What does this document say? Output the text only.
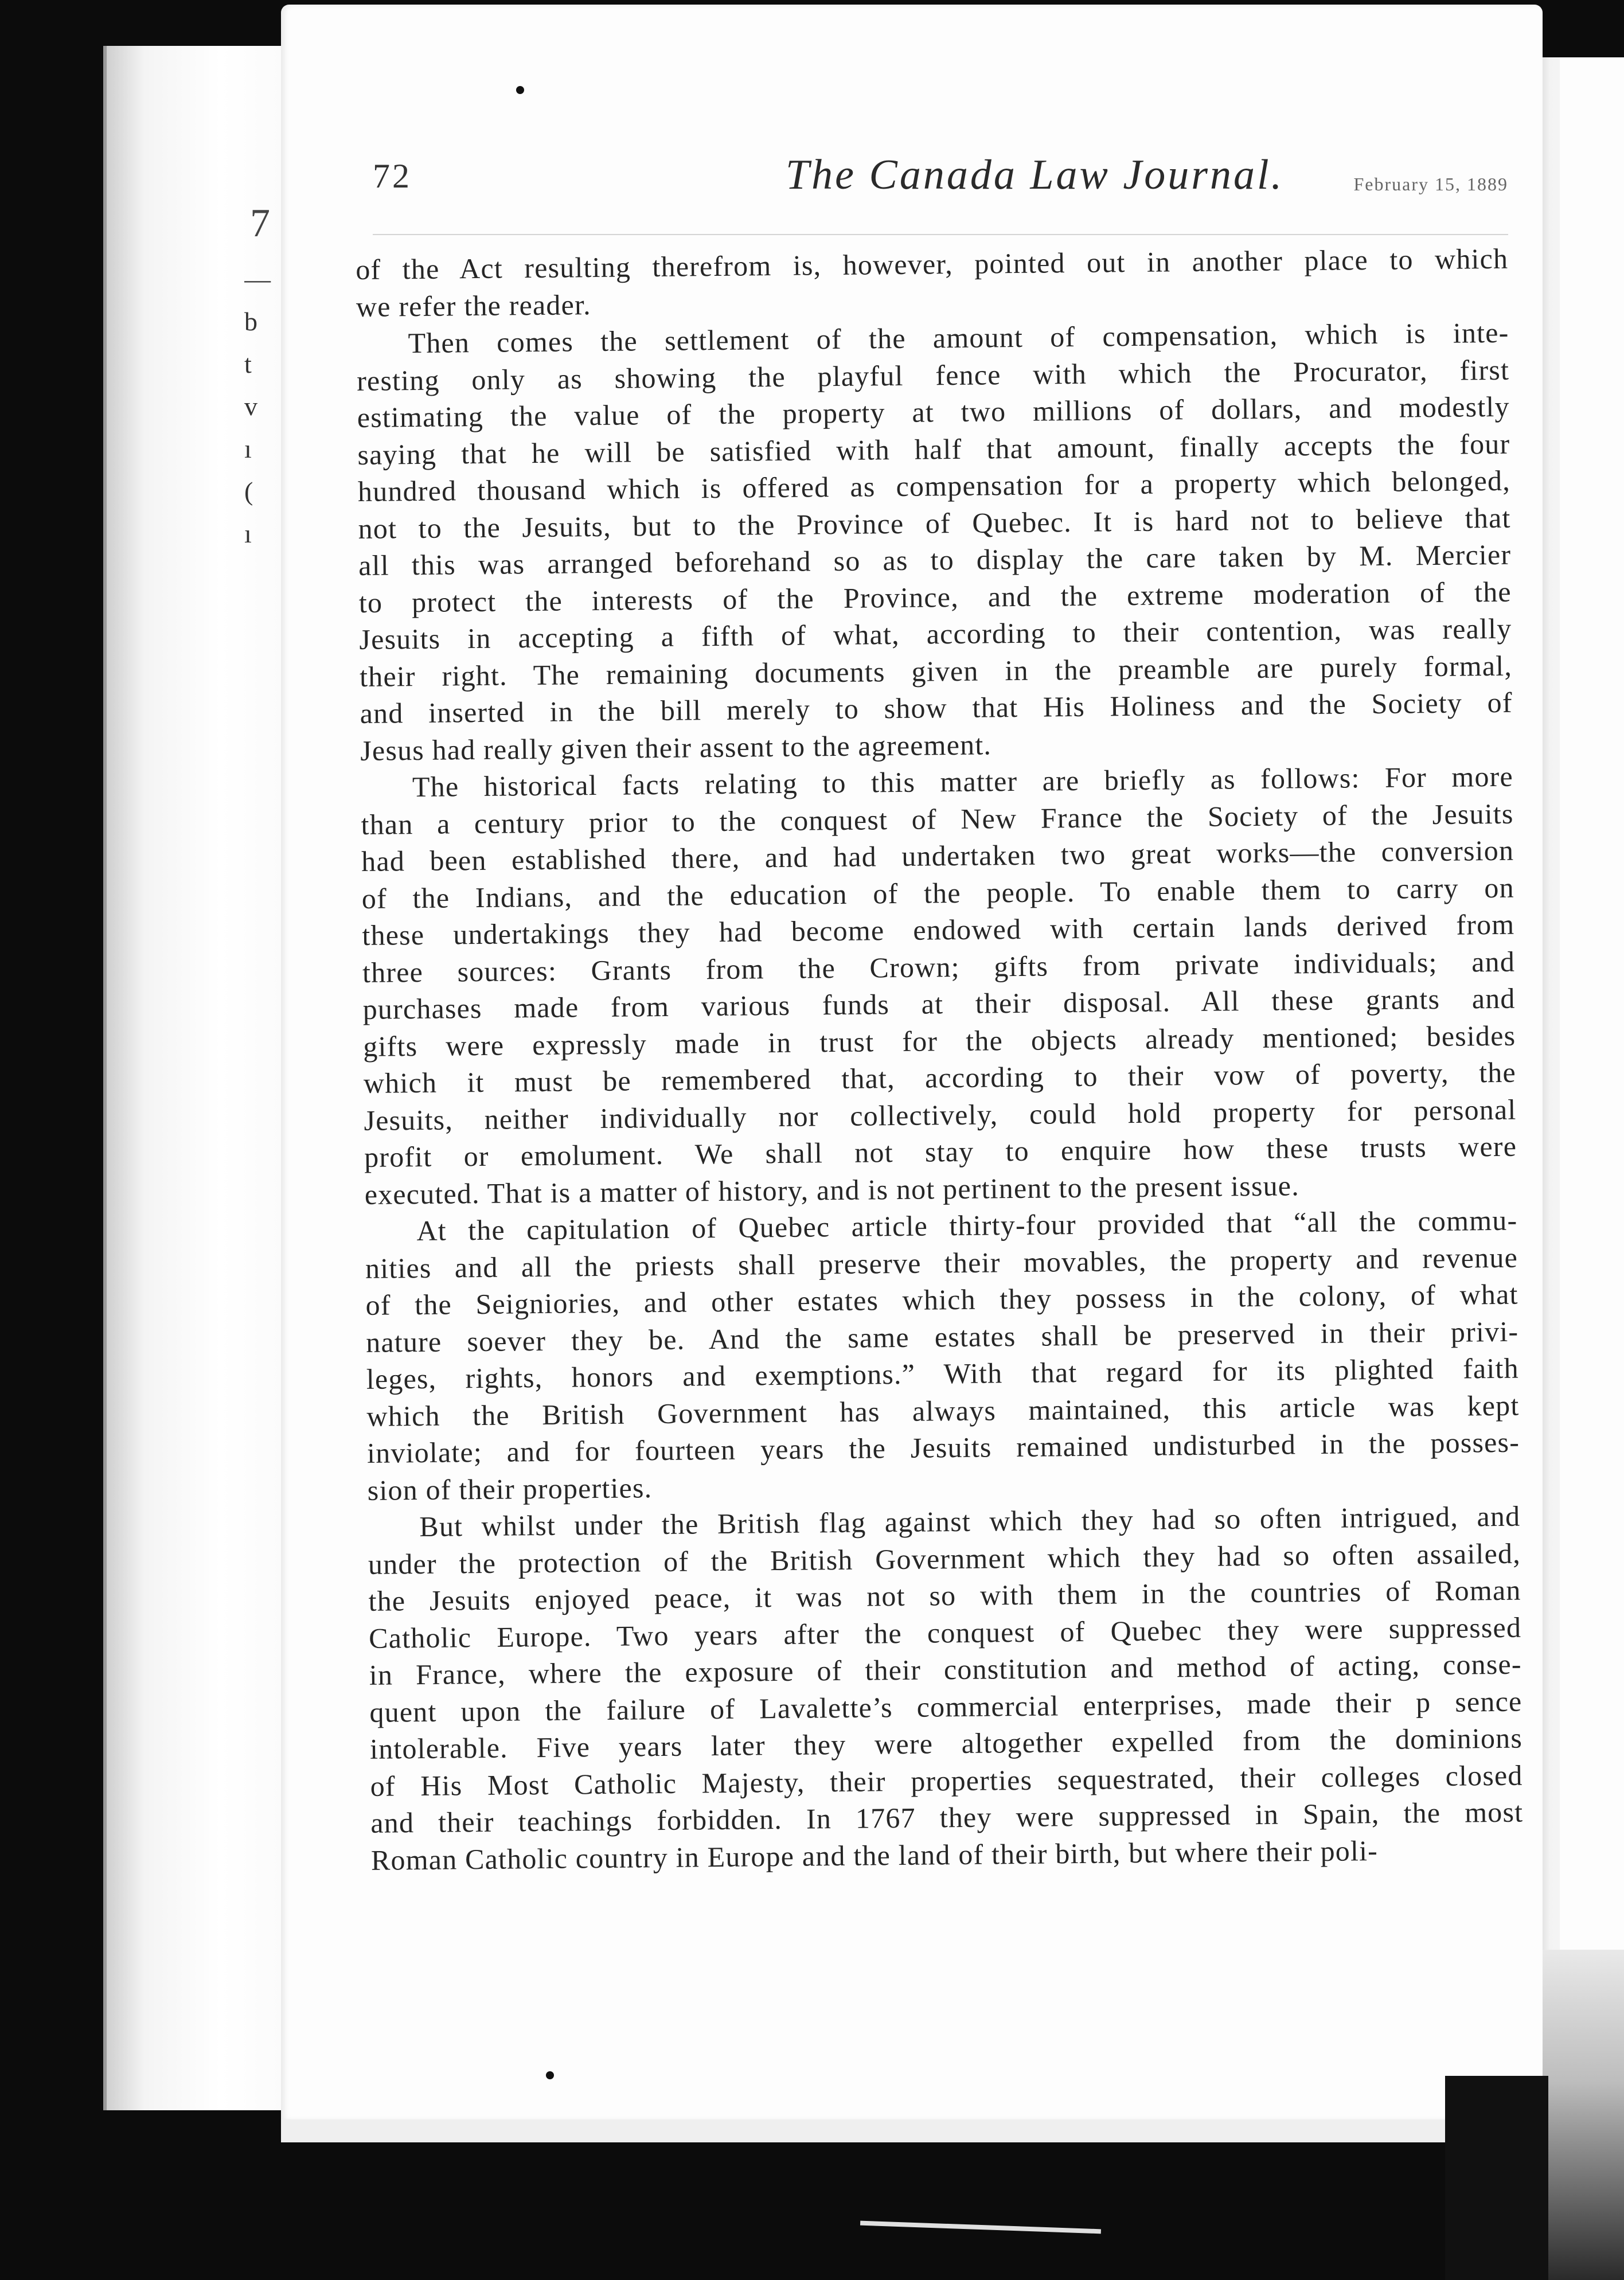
7
—
b
t
v
ı
(
ı
72	The Canada Law Journal.	February 15, 1889
of the Act resulting therefrom is, however, pointed out in another place to which
we refer the reader.
Then comes the settlement of the amount of compensation, which is inte-
resting only as showing the playful fence with which the Procurator, first
estimating the value of the property at two millions of dollars, and modestly
saying that he will be satisfied with half that amount, finally accepts the four
hundred thousand which is offered as compensation for a property which belonged,
not to the Jesuits, but to the Province of Quebec. It is hard not to believe that
all this was arranged beforehand so as to display the care taken by M. Mercier
to protect the interests of the Province, and the extreme moderation of the
Jesuits in accepting a fifth of what, according to their contention, was really
their right. The remaining documents given in the preamble are purely formal,
and inserted in the bill merely to show that His Holiness and the Society of
Jesus had really given their assent to the agreement.
The historical facts relating to this matter are briefly as follows: For more
than a century prior to the conquest of New France the Society of the Jesuits
had been established there, and had undertaken two great works—the conversion
of the Indians, and the education of the people. To enable them to carry on
these undertakings they had become endowed with certain lands derived from
three sources: Grants from the Crown; gifts from private individuals; and
purchases made from various funds at their disposal. All these grants and
gifts were expressly made in trust for the objects already mentioned; besides
which it must be remembered that, according to their vow of poverty, the
Jesuits, neither individually nor collectively, could hold property for personal
profit or emolument. We shall not stay to enquire how these trusts were
executed. That is a matter of history, and is not pertinent to the present issue.
At the capitulation of Quebec article thirty-four provided that “all the commu-
nities and all the priests shall preserve their movables, the property and revenue
of the Seigniories, and other estates which they possess in the colony, of what
nature soever they be. And the same estates shall be preserved in their privi-
leges, rights, honors and exemptions.” With that regard for its plighted faith
which the British Government has always maintained, this article was kept
inviolate; and for fourteen years the Jesuits remained undisturbed in the posses-
sion of their properties.
But whilst under the British flag against which they had so often intrigued, and
under the protection of the British Government which they had so often assailed,
the Jesuits enjoyed peace, it was not so with them in the countries of Roman
Catholic Europe. Two years after the conquest of Quebec they were suppressed
in France, where the exposure of their constitution and method of acting, conse-
quent upon the failure of Lavalette’s commercial enterprises, made their p sence
intolerable. Five years later they were altogether expelled from the dominions
of His Most Catholic Majesty, their properties sequestrated, their colleges closed
and their teachings forbidden. In 1767 they were suppressed in Spain, the most
Roman Catholic country in Europe and the land of their birth, but where their poli-
